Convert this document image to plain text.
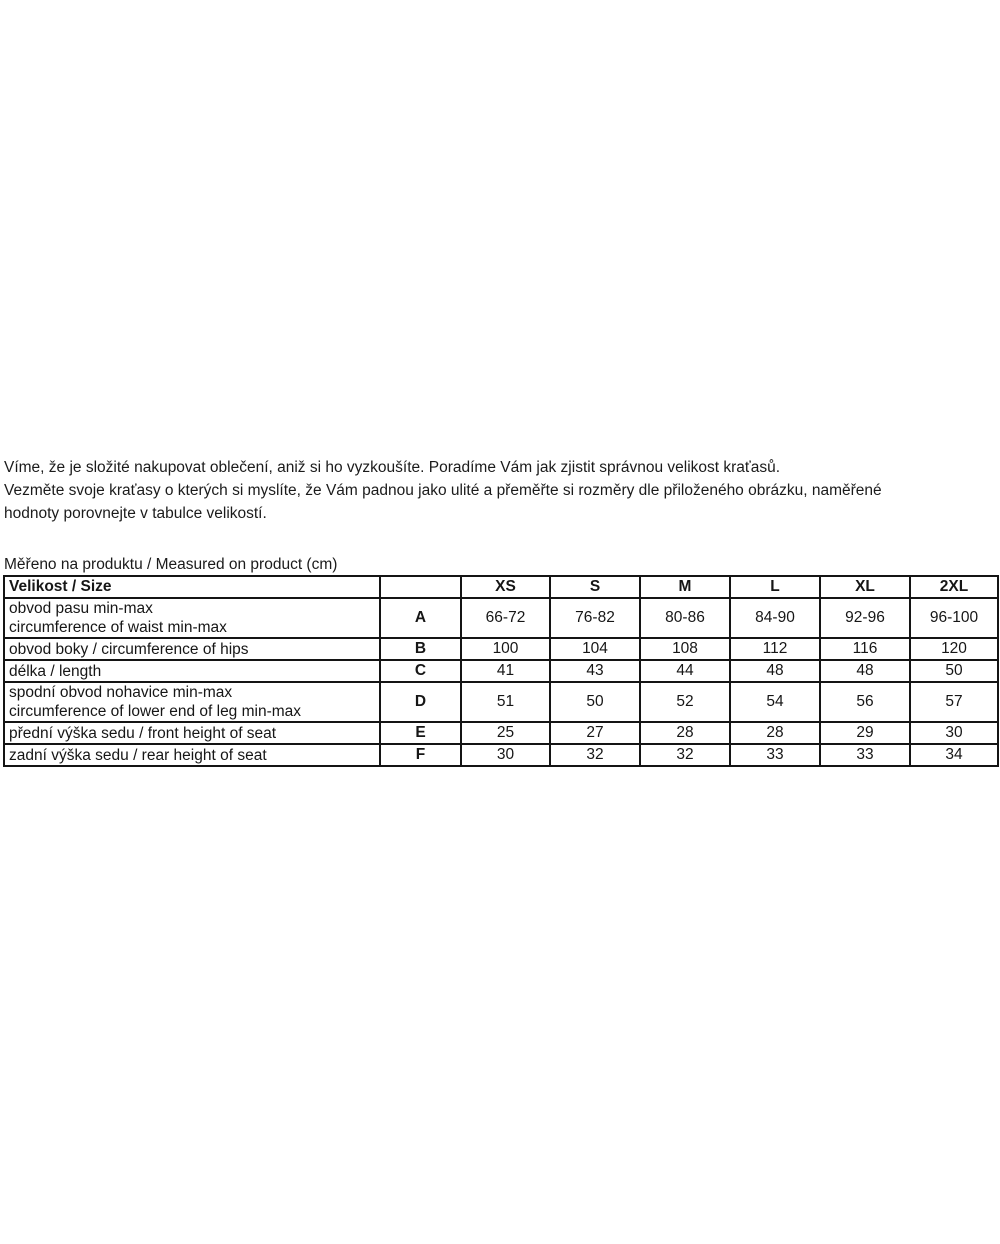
Víme, že je složité nakupovat oblečení, aniž si ho vyzkoušíte. Poradíme Vám jak zjistit správnou velikost kraťasů.
Vezměte svoje kraťasy o kterých si myslíte, že Vám padnou jako ulité a přeměřte si rozměry dle přiloženého obrázku, naměřené
hodnoty porovnejte v tabulce velikostí.
Měřeno na produktu / Measured on product (cm)
Velikost / Size		XS	S	M	L	XL	2XL

obvod pasu min-max
circumference of waist min-max	A	66-72	76-82	80-86	84-90	92-96	96-100

obvod boky / circumference of hips	B	100	104	108	112	116	120

délka / length	C	41	43	44	48	48	50

spodní obvod nohavice min-max
circumference of lower end of leg min-max	D	51	50	52	54	56	57

přední výška sedu / front height of seat	E	25	27	28	28	29	30

zadní výška sedu / rear height of seat	F	30	32	32	33	33	34
